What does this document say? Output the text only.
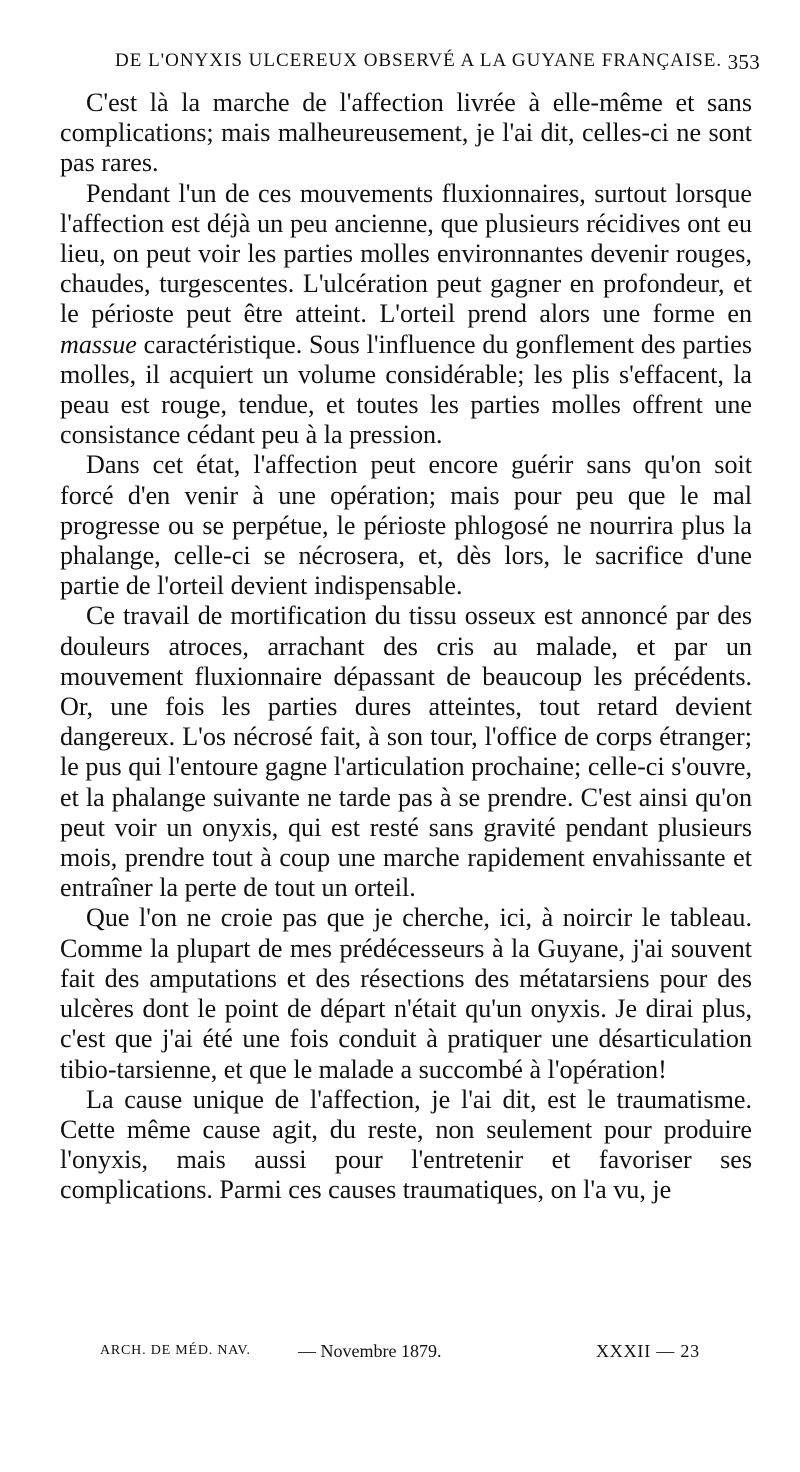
DE L'ONYXIS ULCEREUX OBSERVÉ A LA GUYANE FRANÇAISE. 353

C'est là la marche de l'affection livrée à elle-même et sans complications; mais malheureusement, je l'ai dit, celles-ci ne sont pas rares.

Pendant l'un de ces mouvements fluxionnaires, surtout lorsque l'affection est déjà un peu ancienne, que plusieurs récidives ont eu lieu, on peut voir les parties molles environnantes devenir rouges, chaudes, turgescentes. L'ulcération peut gagner en profondeur, et le périoste peut être atteint. L'orteil prend alors une forme en massue caractéristique. Sous l'influence du gonflement des parties molles, il acquiert un volume considérable; les plis s'effacent, la peau est rouge, tendue, et toutes les parties molles offrent une consistance cédant peu à la pression.

Dans cet état, l'affection peut encore guérir sans qu'on soit forcé d'en venir à une opération; mais pour peu que le mal progresse ou se perpétue, le périoste phlogosé ne nourrira plus la phalange, celle-ci se nécrosera, et, dès lors, le sacrifice d'une partie de l'orteil devient indispensable.

Ce travail de mortification du tissu osseux est annoncé par des douleurs atroces, arrachant des cris au malade, et par un mouvement fluxionnaire dépassant de beaucoup les précédents. Or, une fois les parties dures atteintes, tout retard devient dangereux. L'os nécrosé fait, à son tour, l'office de corps étranger; le pus qui l'entoure gagne l'articulation prochaine; celle-ci s'ouvre, et la phalange suivante ne tarde pas à se prendre. C'est ainsi qu'on peut voir un onyxis, qui est resté sans gravité pendant plusieurs mois, prendre tout à coup une marche rapidement envahissante et entraîner la perte de tout un orteil.

Que l'on ne croie pas que je cherche, ici, à noircir le tableau. Comme la plupart de mes prédécesseurs à la Guyane, j'ai souvent fait des amputations et des résections des métatarsiens pour des ulcères dont le point de départ n'était qu'un onyxis. Je dirai plus, c'est que j'ai été une fois conduit à pratiquer une désarticulation tibio-tarsienne, et que le malade a succombé à l'opération!

La cause unique de l'affection, je l'ai dit, est le traumatisme. Cette même cause agit, du reste, non seulement pour produire l'onyxis, mais aussi pour l'entretenir et favoriser ses complications. Parmi ces causes traumatiques, on l'a vu, je

ARCH. DE MÉD. NAV.	— Novembre 1879.	XXXII — 23
